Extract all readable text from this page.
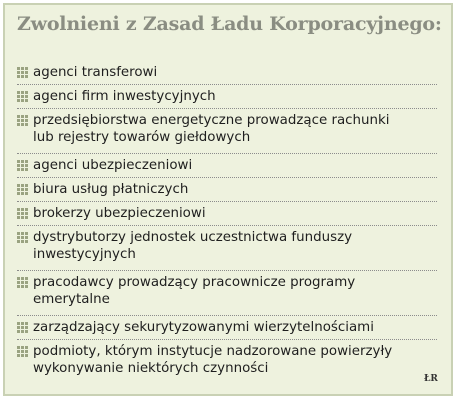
Zwolnieni z Zasad Ładu Korporacyjnego:
agenci transferowi
agenci firm inwestycyjnych
przedsiębiorstwa energetyczne prowadzące rachunki
lub rejestry towarów giełdowych
agenci ubezpieczeniowi
biura usług płatniczych
brokerzy ubezpieczeniowi
dystrybutorzy jednostek uczestnictwa funduszy
inwestycyjnych
pracodawcy prowadzący pracownicze programy
emerytalne
zarządzający sekurytyzowanymi wierzytelnościami
podmioty, którym instytucje nadzorowane powierzyły
wykonywanie niektórych czynności
ŁR
